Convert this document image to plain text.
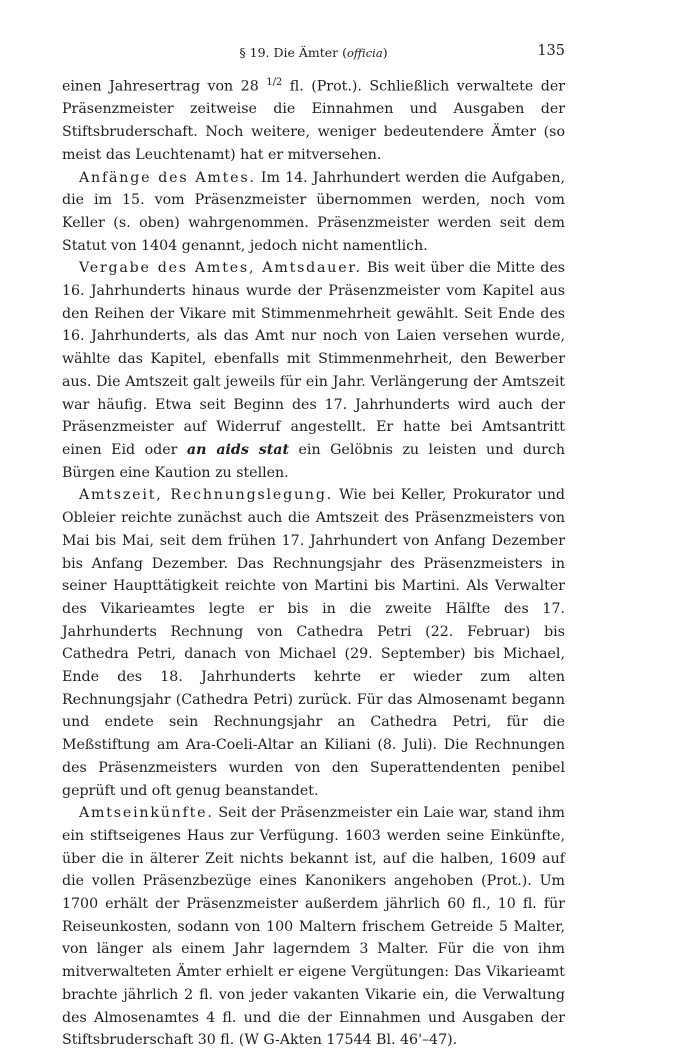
§ 19. Die Ämter (officia)	135

einen Jahresertrag von 28 $^{1/2}$ fl. (Prot.). Schließlich verwaltete der Präsenzmeister zeitweise die Einnahmen und Ausgaben der Stiftsbruderschaft. Noch weitere, weniger bedeutendere Ämter (so meist das Leuchtenamt) hat er mitversehen.

Anfänge des Amtes. Im 14. Jahrhundert werden die Aufgaben, die im 15. vom Präsenzmeister übernommen werden, noch vom Keller (s. oben) wahrgenommen. Präsenzmeister werden seit dem Statut von 1404 genannt, jedoch nicht namentlich.

Vergabe des Amtes, Amtsdauer. Bis weit über die Mitte des 16. Jahrhunderts hinaus wurde der Präsenzmeister vom Kapitel aus den Reihen der Vikare mit Stimmenmehrheit gewählt. Seit Ende des 16. Jahrhunderts, als das Amt nur noch von Laien versehen wurde, wählte das Kapitel, ebenfalls mit Stimmenmehrheit, den Bewerber aus. Die Amtszeit galt jeweils für ein Jahr. Verlängerung der Amtszeit war häufig. Etwa seit Beginn des 17. Jahrhunderts wird auch der Präsenzmeister auf Widerruf angestellt. Er hatte bei Amtsantritt einen Eid oder an aids stat ein Gelöbnis zu leisten und durch Bürgen eine Kaution zu stellen.

Amtszeit, Rechnungslegung. Wie bei Keller, Prokurator und Obleier reichte zunächst auch die Amtszeit des Präsenzmeisters von Mai bis Mai, seit dem frühen 17. Jahrhundert von Anfang Dezember bis Anfang Dezember. Das Rechnungsjahr des Präsenzmeisters in seiner Haupttätigkeit reichte von Martini bis Martini. Als Verwalter des Vikarieamtes legte er bis in die zweite Hälfte des 17. Jahrhunderts Rechnung von Cathedra Petri (22. Februar) bis Cathedra Petri, danach von Michael (29. September) bis Michael, Ende des 18. Jahrhunderts kehrte er wieder zum alten Rechnungsjahr (Cathedra Petri) zurück. Für das Almosenamt begann und endete sein Rechnungsjahr an Cathedra Petri, für die Meßstiftung am Ara-Coeli-Altar an Kiliani (8. Juli). Die Rechnungen des Präsenzmeisters wurden von den Superattendenten penibel geprüft und oft genug beanstandet.

Amtseinkünfte. Seit der Präsenzmeister ein Laie war, stand ihm ein stiftseigenes Haus zur Verfügung. 1603 werden seine Einkünfte, über die in älterer Zeit nichts bekannt ist, auf die halben, 1609 auf die vollen Präsenzbezüge eines Kanonikers angehoben (Prot.). Um 1700 erhält der Präsenzmeister außerdem jährlich 60 fl., 10 fl. für Reiseunkosten, sodann von 100 Maltern frischem Getreide 5 Malter, von länger als einem Jahr lagerndem 3 Malter. Für die von ihm mitverwalteten Ämter erhielt er eigene Vergütungen: Das Vikarieamt brachte jährlich 2 fl. von jeder vakanten Vikarie ein, die Verwaltung des Almosenamtes 4 fl. und die der Einnahmen und Ausgaben der Stiftsbruderschaft 30 fl. (W G-Akten 17544 Bl. 46'–47).
